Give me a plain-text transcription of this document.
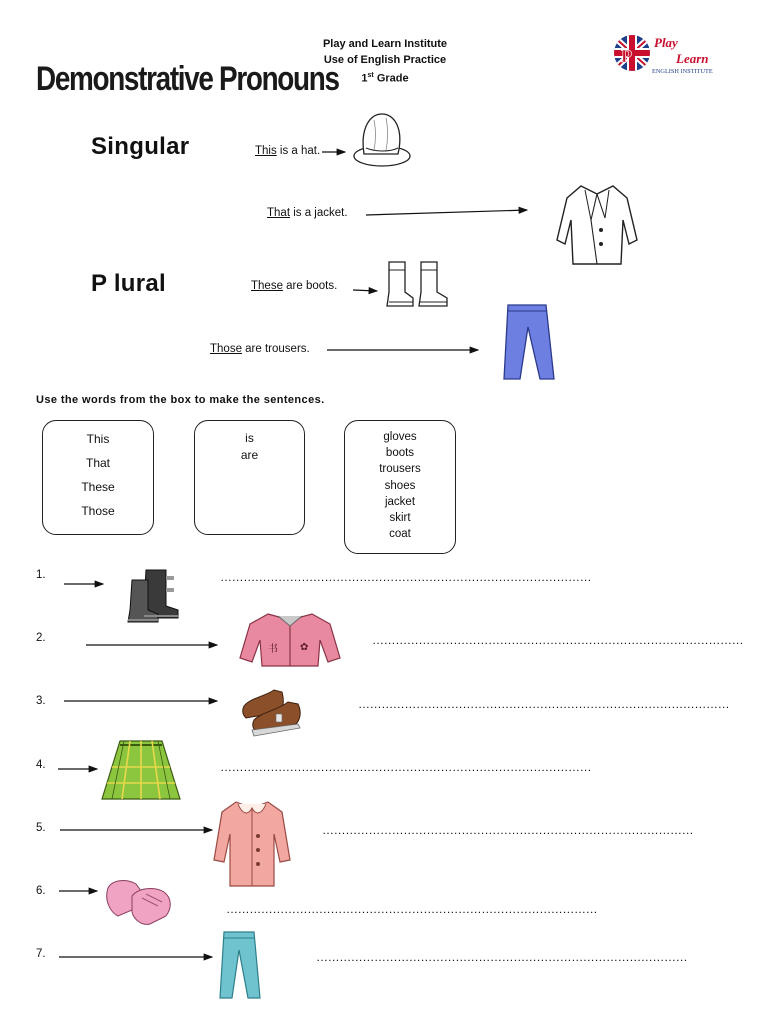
Demonstrative Pronouns
Play and Learn Institute
Use of English Practice
1st Grade
P
Play
Learn
ENGLISH INSTITUTE
Singular
P lural
This is a hat.
That is a jacket.
These are boots.
Those are trousers.
Use the words from the box to make the sentences.
This
That
These
Those
is
are
gloves
boots
trousers
shoes
jacket
skirt
coat
1.
2.
3.
4.
5.
6.
7.
书 ✿
……………………………………………………………………………………
……………………………………………………………………………………
……………………………………………………………………………………
……………………………………………………………………………………
……………………………………………………………………………………
……………………………………………………………………………………
……………………………………………………………………………………
